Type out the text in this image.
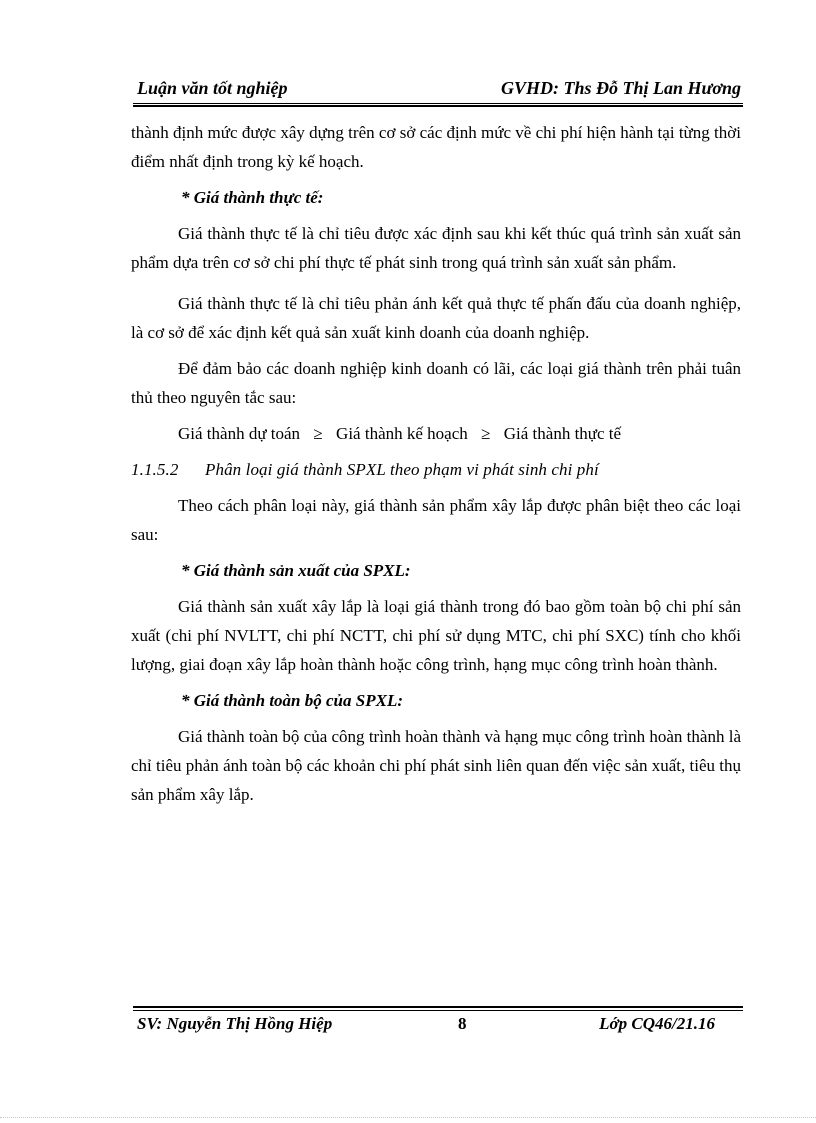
Luận văn tốt nghiệp	GVHD: Ths Đỗ Thị Lan Hương

thành định mức được xây dựng trên cơ sở các định mức về chi phí hiện hành tại từng thời điểm nhất định trong kỳ kế hoạch.

* Giá thành thực tế:

Giá thành thực tế là chỉ tiêu được xác định sau khi kết thúc quá trình sản xuất sản phẩm dựa trên cơ sở chi phí thực tế phát sinh trong quá trình sản xuất sản phẩm.

Giá thành thực tế là chỉ tiêu phản ánh kết quả thực tế phấn đấu của doanh nghiệp, là cơ sở để xác định kết quả sản xuất kinh doanh của doanh nghiệp.

Để đảm bảo các doanh nghiệp kinh doanh có lãi, các loại giá thành trên phải tuân thủ theo nguyên tắc sau:

Giá thành dự toán ≥ Giá thành kế hoạch ≥ Giá thành thực tế

1.1.5.2 Phân loại giá thành SPXL theo phạm vi phát sinh chi phí

Theo cách phân loại này, giá thành sản phẩm xây lắp được phân biệt theo các loại sau:

* Giá thành sản xuất của SPXL:

Giá thành sản xuất xây lắp là loại giá thành trong đó bao gồm toàn bộ chi phí sản xuất (chi phí NVLTT, chi phí NCTT, chi phí sử dụng MTC, chi phí SXC) tính cho khối lượng, giai đoạn xây lắp hoàn thành hoặc công trình, hạng mục công trình hoàn thành.

* Giá thành toàn bộ của SPXL:

Giá thành toàn bộ của công trình hoàn thành và hạng mục công trình hoàn thành là chỉ tiêu phản ánh toàn bộ các khoản chi phí phát sinh liên quan đến việc sản xuất, tiêu thụ sản phẩm xây lắp.

SV: Nguyễn Thị Hồng Hiệp	8	Lớp CQ46/21.16
